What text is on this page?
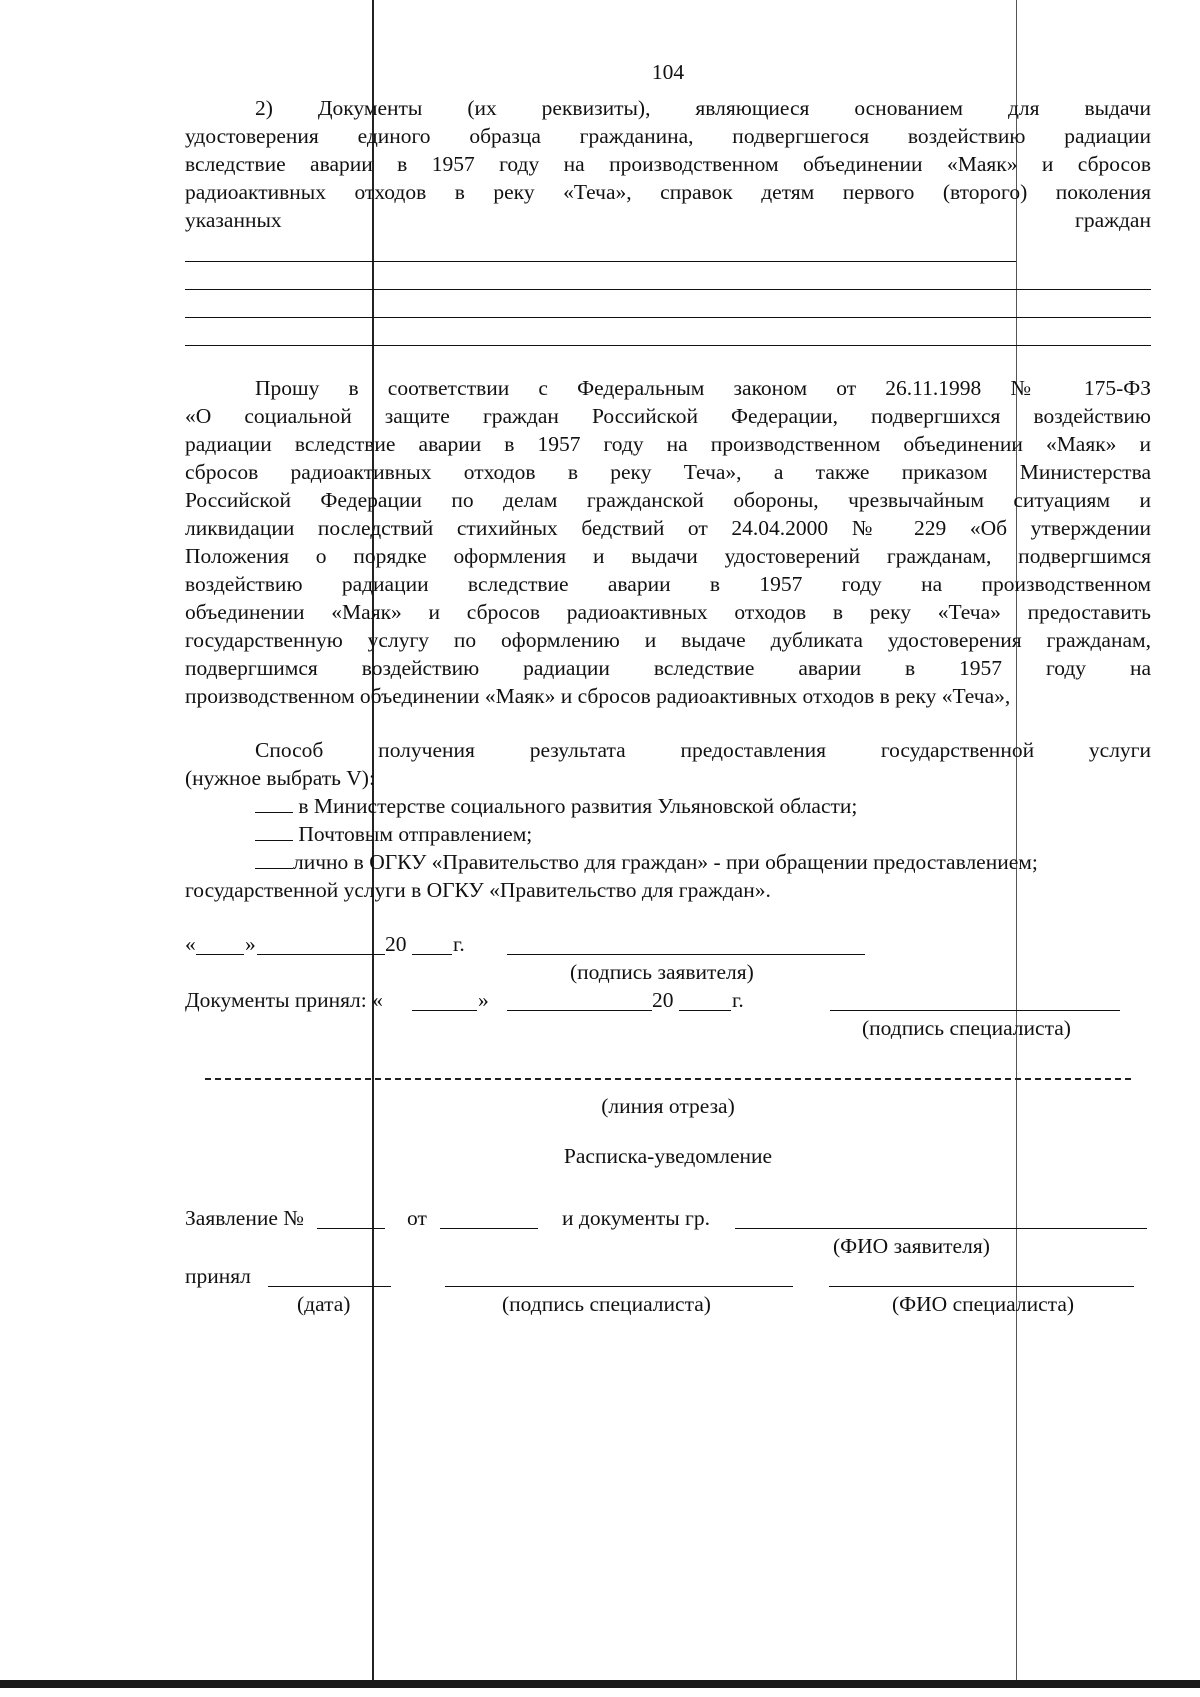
104

2) Документы (их реквизиты), являющиеся основанием для выдачи

удостоверения единого образца гражданина, подвергшегося воздействию радиации

вследствие аварии в 1957 году на производственном объединении «Маяк» и сбросов

радиоактивных отходов в реку «Теча», справок детям первого (второго) поколения

указанных	граждан

Прошу в соответствии с Федеральным законом от 26.11.1998 № 175-ФЗ

«О социальной защите граждан Российской Федерации, подвергшихся воздействию

радиации вследствие аварии в 1957 году на производственном объединении «Маяк» и

сбросов радиоактивных отходов в реку Теча», а также приказом Министерства

Российской Федерации по делам гражданской обороны, чрезвычайным ситуациям и

ликвидации последствий стихийных бедствий от 24.04.2000 № 229 «Об утверждении

Положения о порядке оформления и выдачи удостоверений гражданам, подвергшимся

воздействию радиации вследствие аварии в 1957 году на производственном

объединении «Маяк» и сбросов радиоактивных отходов в реку «Теча» предоставить

государственную услугу по оформлению и выдаче дубликата удостоверения гражданам,

подвергшимся воздействию радиации вследствие аварии в 1957 году на

производственном объединении «Маяк» и сбросов радиоактивных отходов в реку «Теча»,

Способ получения результата предоставления государственной услуги

(нужное выбрать V):

в Министерстве социального развития Ульяновской области;

Почтовым отправлением;

лично в ОГКУ «Правительство для граждан» - при обращении предоставлением;

государственной услуги в ОГКУ «Правительство для граждан».

« »	20 г.
(подпись заявителя)
Документы принял: «	»	20	г.
(подпись специалиста)
(линия отреза)
Расписка-уведомление
Заявление №	от	и документы гр.
(ФИО заявителя)
принял
(дата)	(подпись специалиста)	(ФИО специалиста)
